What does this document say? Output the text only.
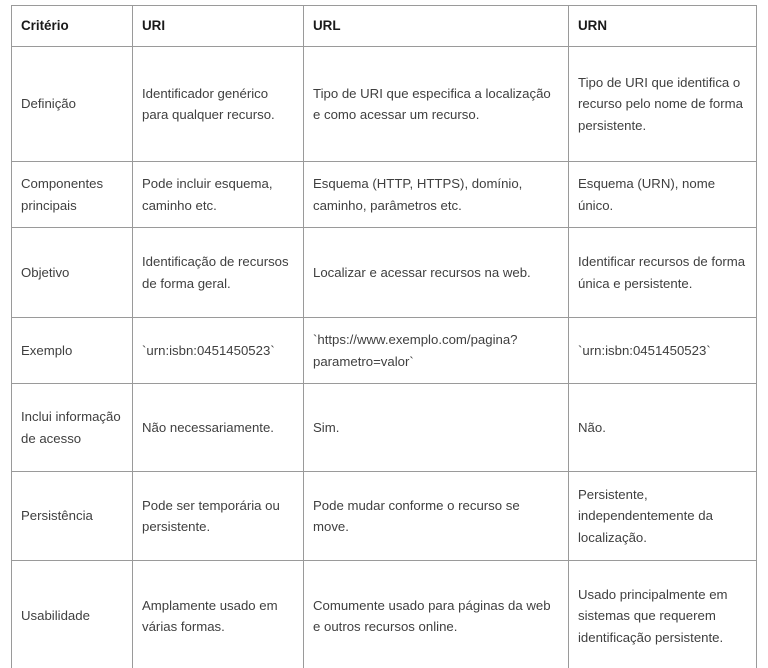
Critério	URI	URL	URN
Definição	Identificador genérico para qualquer recurso.	Tipo de URI que especifica a localização e como acessar um recurso.	Tipo de URI que identifica o recurso pelo nome de forma persistente.
Componentes principais	Pode incluir esquema, caminho etc.	Esquema (HTTP, HTTPS), domínio, caminho, parâmetros etc.	Esquema (URN), nome único.
Objetivo	Identificação de recursos de forma geral.	Localizar e acessar recursos na web.	Identificar recursos de forma única e persistente.
Exemplo	`urn:isbn:0451450523`	`https://www.exemplo.com/pagina?parametro=valor`	`urn:isbn:0451450523`
Inclui informação de acesso	Não necessariamente.	Sim.	Não.
Persistência	Pode ser temporária ou persistente.	Pode mudar conforme o recurso se move.	Persistente, independentemente da localização.
Usabilidade	Amplamente usado em várias formas.	Comumente usado para páginas da web e outros recursos online.	Usado principalmente em sistemas que requerem identificação persistente.
